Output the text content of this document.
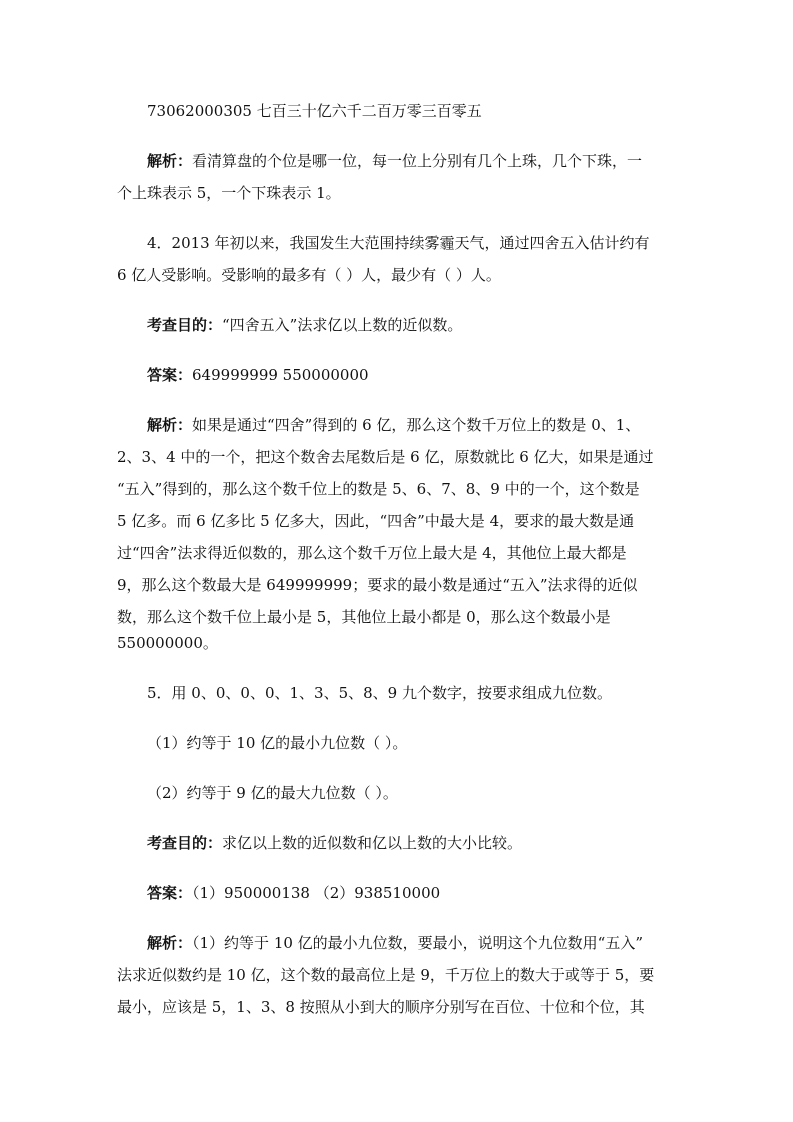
73062000305 七百三十亿六千二百万零三百零五
解析：看清算盘的个位是哪一位，每一位上分别有几个上珠，几个下珠，一
个上珠表示 5，一个下珠表示 1。
4．2013 年初以来，我国发生大范围持续雾霾天气，通过四舍五入估计约有
6 亿人受影响。受影响的最多有（ ）人，最少有（ ）人。
考查目的：“四舍五入”法求亿以上数的近似数。
答案：649999999 550000000
解析：如果是通过“四舍”得到的 6 亿，那么这个数千万位上的数是 0、1、
2、3、4 中的一个，把这个数舍去尾数后是 6 亿，原数就比 6 亿大，如果是通过
“五入”得到的，那么这个数千位上的数是 5、6、7、8、9 中的一个，这个数是
5 亿多。而 6 亿多比 5 亿多大，因此，“四舍”中最大是 4，要求的最大数是通
过“四舍”法求得近似数的，那么这个数千万位上最大是 4，其他位上最大都是
9，那么这个数最大是 649999999；要求的最小数是通过“五入”法求得的近似
数，那么这个数千位上最小是 5，其他位上最小都是 0，那么这个数最小是
550000000。
5．用 0、0、0、0、1、3、5、8、9 九个数字，按要求组成九位数。
（1）约等于 10 亿的最小九位数（ ）。
（2）约等于 9 亿的最大九位数（ ）。
考查目的：求亿以上数的近似数和亿以上数的大小比较。
答案：（1）950000138 （2）938510000
解析：（1）约等于 10 亿的最小九位数，要最小，说明这个九位数用“五入”
法求近似数约是 10 亿，这个数的最高位上是 9，千万位上的数大于或等于 5，要
最小，应该是 5，1、3、8 按照从小到大的顺序分别写在百位、十位和个位，其
